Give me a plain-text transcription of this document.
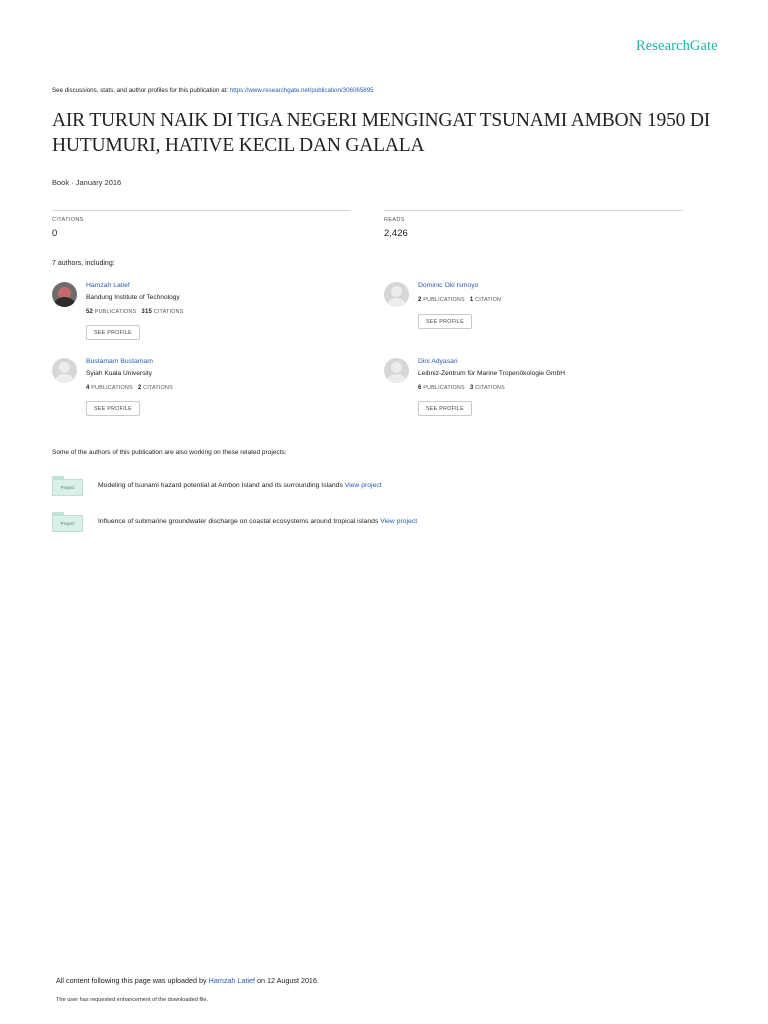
ResearchGate
See discussions, stats, and author profiles for this publication at: https://www.researchgate.net/publication/306065895
AIR TURUN NAIK DI TIGA NEGERI MENGINGAT TSUNAMI AMBON 1950 DI HUTUMURI, HATIVE KECIL DAN GALALA
Book · January 2016
CITATIONS
0
READS
2,426
7 authors, including:
Hamzah Latief
Bandung Institute of Technology
52 PUBLICATIONS 315 CITATIONS
SEE PROFILE
Dominic Oki Ismoyo
2 PUBLICATIONS 1 CITATION
SEE PROFILE
Bustamam Bustamam
Syiah Kuala University
4 PUBLICATIONS 2 CITATIONS
SEE PROFILE
Dini Adyasari
Leibniz-Zentrum für Marine Tropenökologie GmbH
6 PUBLICATIONS 3 CITATIONS
SEE PROFILE
Some of the authors of this publication are also working on these related projects:
Project	Modeling of tsunami hazard potential at Ambon Island and its surrounding Islands View project
Project	Influence of submarine groundwater discharge on coastal ecosystems around tropical islands View project
All content following this page was uploaded by Hamzah Latief on 12 August 2016.
The user has requested enhancement of the downloaded file.
